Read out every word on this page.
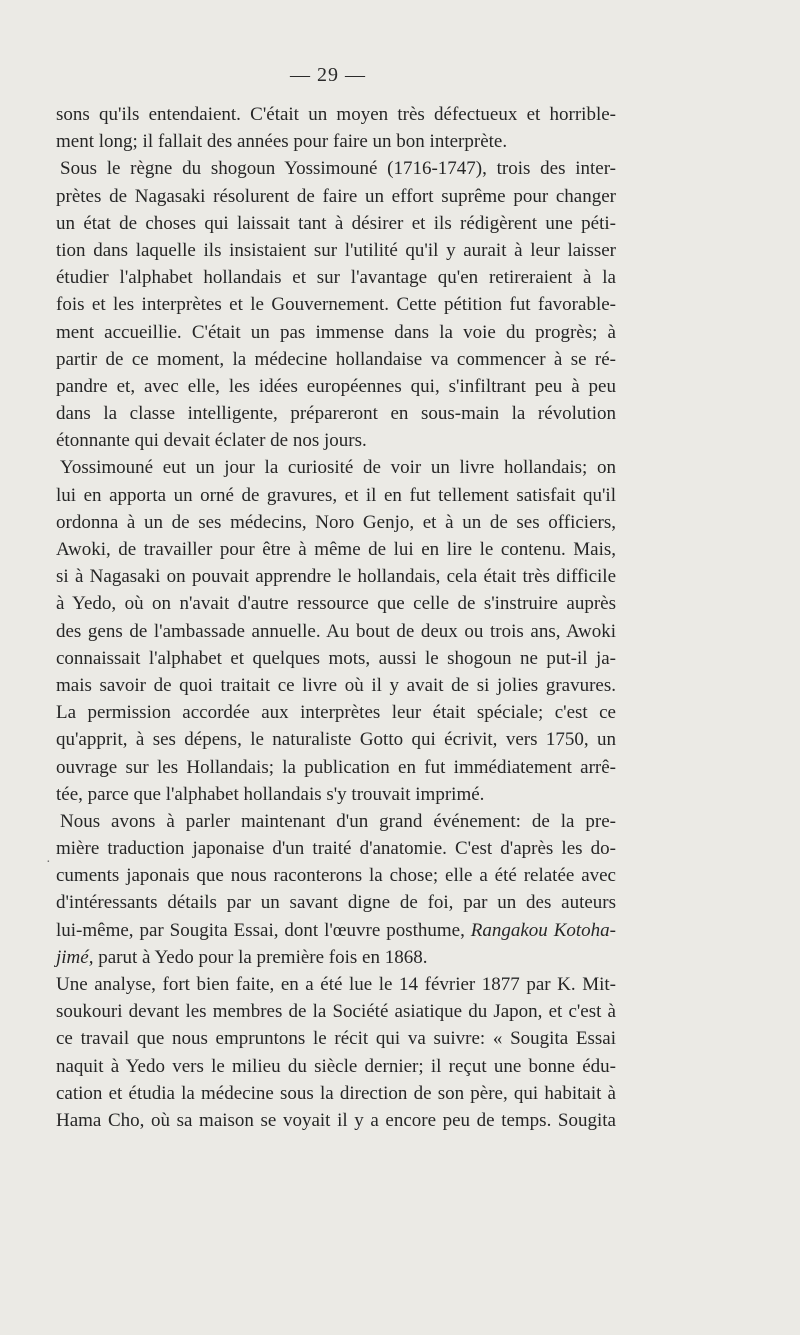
— 29 —
·
sons qu'ils entendaient. C'était un moyen très défectueux et horrible-
ment long; il fallait des années pour faire un bon interprète.
Sous le règne du shogoun Yossimouné (1716-1747), trois des inter-
prètes de Nagasaki résolurent de faire un effort suprême pour changer
un état de choses qui laissait tant à désirer et ils rédigèrent une péti-
tion dans laquelle ils insistaient sur l'utilité qu'il y aurait à leur laisser
étudier l'alphabet hollandais et sur l'avantage qu'en retireraient à la
fois et les interprètes et le Gouvernement. Cette pétition fut favorable-
ment accueillie. C'était un pas immense dans la voie du progrès; à
partir de ce moment, la médecine hollandaise va commencer à se ré-
pandre et, avec elle, les idées européennes qui, s'infiltrant peu à peu
dans la classe intelligente, prépareront en sous-main la révolution
étonnante qui devait éclater de nos jours.
Yossimouné eut un jour la curiosité de voir un livre hollandais; on
lui en apporta un orné de gravures, et il en fut tellement satisfait qu'il
ordonna à un de ses médecins, Noro Genjo, et à un de ses officiers,
Awoki, de travailler pour être à même de lui en lire le contenu. Mais,
si à Nagasaki on pouvait apprendre le hollandais, cela était très difficile
à Yedo, où on n'avait d'autre ressource que celle de s'instruire auprès
des gens de l'ambassade annuelle. Au bout de deux ou trois ans, Awoki
connaissait l'alphabet et quelques mots, aussi le shogoun ne put-il ja-
mais savoir de quoi traitait ce livre où il y avait de si jolies gravures.
La permission accordée aux interprètes leur était spéciale; c'est ce
qu'apprit, à ses dépens, le naturaliste Gotto qui écrivit, vers 1750, un
ouvrage sur les Hollandais; la publication en fut immédiatement arrê-
tée, parce que l'alphabet hollandais s'y trouvait imprimé.
Nous avons à parler maintenant d'un grand événement: de la pre-
mière traduction japonaise d'un traité d'anatomie. C'est d'après les do-
cuments japonais que nous raconterons la chose; elle a été relatée avec
d'intéressants détails par un savant digne de foi, par un des auteurs
lui-même, par Sougita Essai, dont l'œuvre posthume, Rangakou Kotoha-
jimé, parut à Yedo pour la première fois en 1868.
Une analyse, fort bien faite, en a été lue le 14 février 1877 par K. Mit-
soukouri devant les membres de la Société asiatique du Japon, et c'est à
ce travail que nous empruntons le récit qui va suivre: « Sougita Essai
naquit à Yedo vers le milieu du siècle dernier; il reçut une bonne édu-
cation et étudia la médecine sous la direction de son père, qui habitait à
Hama Cho, où sa maison se voyait il y a encore peu de temps. Sougita
